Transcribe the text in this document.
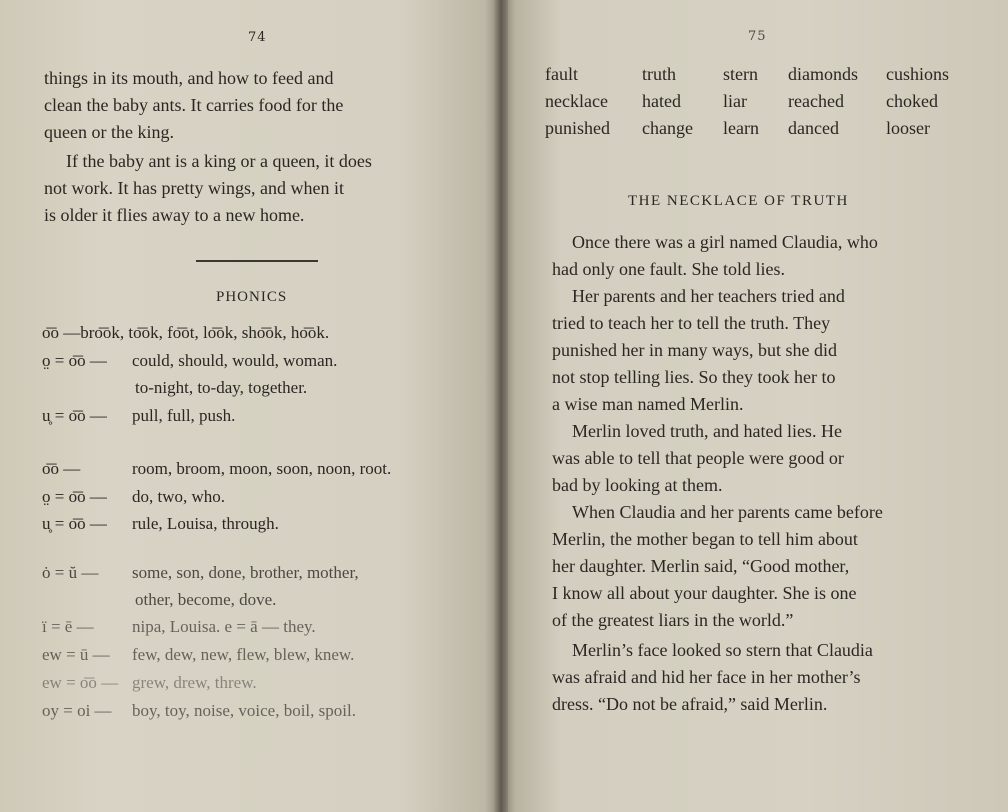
74
things in its mouth, and how to feed and
clean the baby ants. It carries food for the
queen or the king.
If the baby ant is a king or a queen, it does
not work. It has pretty wings, and when it
is older it flies away to a new home.
PHONICS
o͞o —bro͞ok, to͞ok, fo͞ot, lo͞ok, sho͞ok, ho͞ok.
o̤ = o͞o —could, should, would, woman.
to-night, to-day, together.
u̥ = o͞o —pull, full, push.
o͞o —	room, broom, moon, soon, noon, root.
o̤ = o͞o —do, two, who.
u̥ = o͞o —rule, Louisa, through.
ȯ = ŭ —some, son, done, brother, mother,
other, become, dove.
ï = ē —nipa, Louisa. e = ā — they.
ew = ū —few, dew, new, flew, blew, knew.
ew = o͞o —grew, drew, threw.
oy = oi —boy, toy, noise, voice, boil, spoil.
75
fault	truth	stern diamonds cushions
necklace hated liar reached choked
punished change learn danced	looser
THE NECKLACE OF TRUTH
Once there was a girl named Claudia, who
had only one fault. She told lies.
Her parents and her teachers tried and
tried to teach her to tell the truth. They
punished her in many ways, but she did
not stop telling lies. So they took her to
a wise man named Merlin.
Merlin loved truth, and hated lies. He
was able to tell that people were good or
bad by looking at them.
When Claudia and her parents came before
Merlin, the mother began to tell him about
her daughter. Merlin said, “Good mother,
I know all about your daughter. She is one
of the greatest liars in the world.”
Merlin’s face looked so stern that Claudia
was afraid and hid her face in her mother’s
dress. “Do not be afraid,” said Merlin.
